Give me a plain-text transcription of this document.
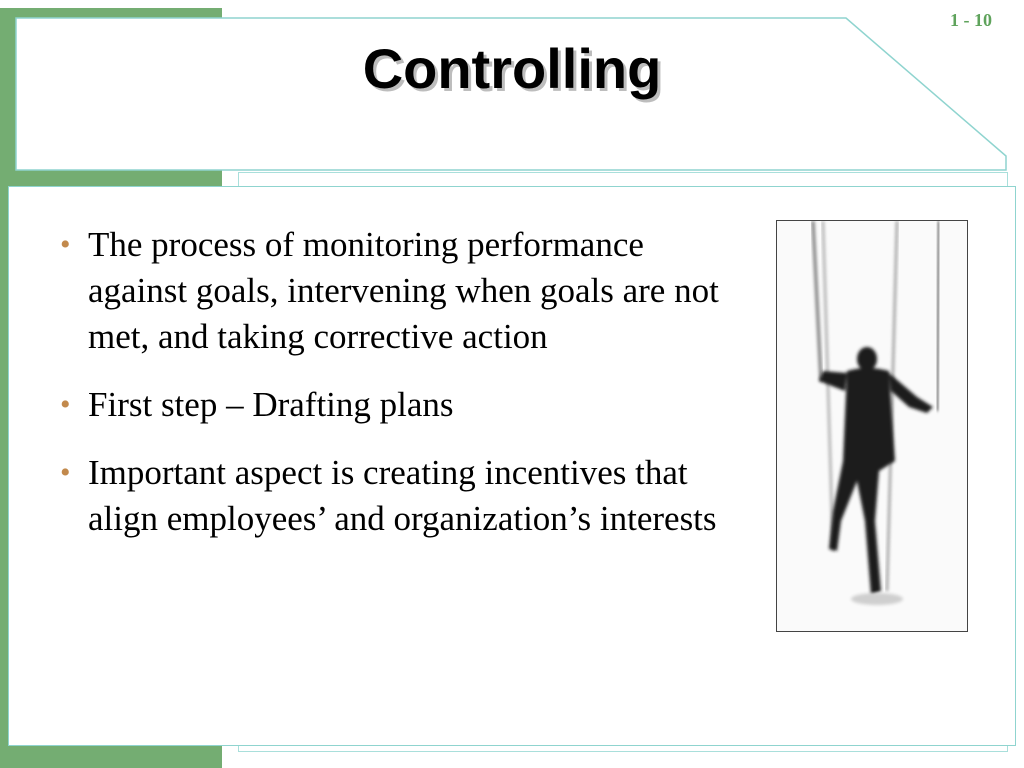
1 - 10
Controlling
• The process of monitoring performance against goals, intervening when goals are not met, and taking corrective action
• First step – Drafting plans
• Important aspect is creating incentives that align employees’ and organization’s interests
